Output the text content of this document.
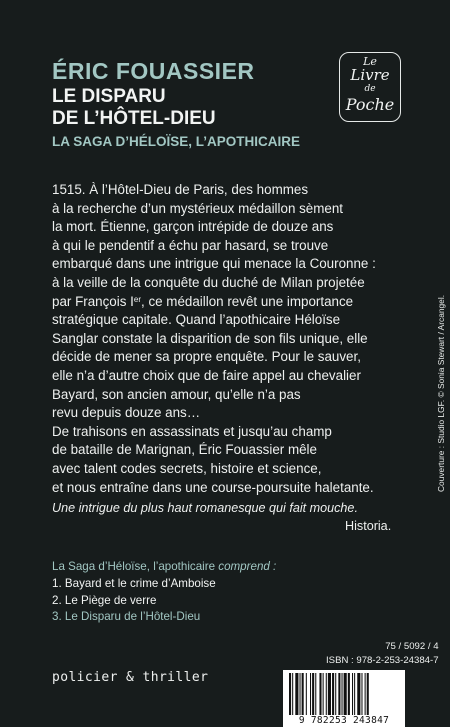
ÉRIC FOUASSIER
LE DISPARU
DE L’HÔTEL-DIEU
LA SAGA D’HÉLOÏSE, L’APOTHICAIRE
Le
Livre
de
Poche
1515. À l’Hôtel-Dieu de Paris, des hommes
à la recherche d’un mystérieux médaillon sèment
la mort. Étienne, garçon intrépide de douze ans
à qui le pendentif a échu par hasard, se trouve
embarqué dans une intrigue qui menace la Couronne :
à la veille de la conquête du duché de Milan projetée
par François Ier, ce médaillon revêt une importance
stratégique capitale. Quand l’apothicaire Héloïse
Sanglar constate la disparition de son fils unique, elle
décide de mener sa propre enquête. Pour le sauver,
elle n’a d’autre choix que de faire appel au chevalier
Bayard, son ancien amour, qu’elle n’a pas
revu depuis douze ans…
De trahisons en assassinats et jusqu’au champ
de bataille de Marignan, Éric Fouassier mêle
avec talent codes secrets, histoire et science,
et nous entraîne dans une course-poursuite haletante.
Une intrigue du plus haut romanesque qui fait mouche.
Historia.
La Saga d’Héloïse, l’apothicaire comprend :
1. Bayard et le crime d’Amboise
2. Le Piège de verre
3. Le Disparu de l’Hôtel-Dieu
75 / 5092 / 4
ISBN : 978-2-253-24384-7
policier & thriller
9 782253 243847
Couverture : Studio LGF. © Sonia Stewart / Arcangel.
